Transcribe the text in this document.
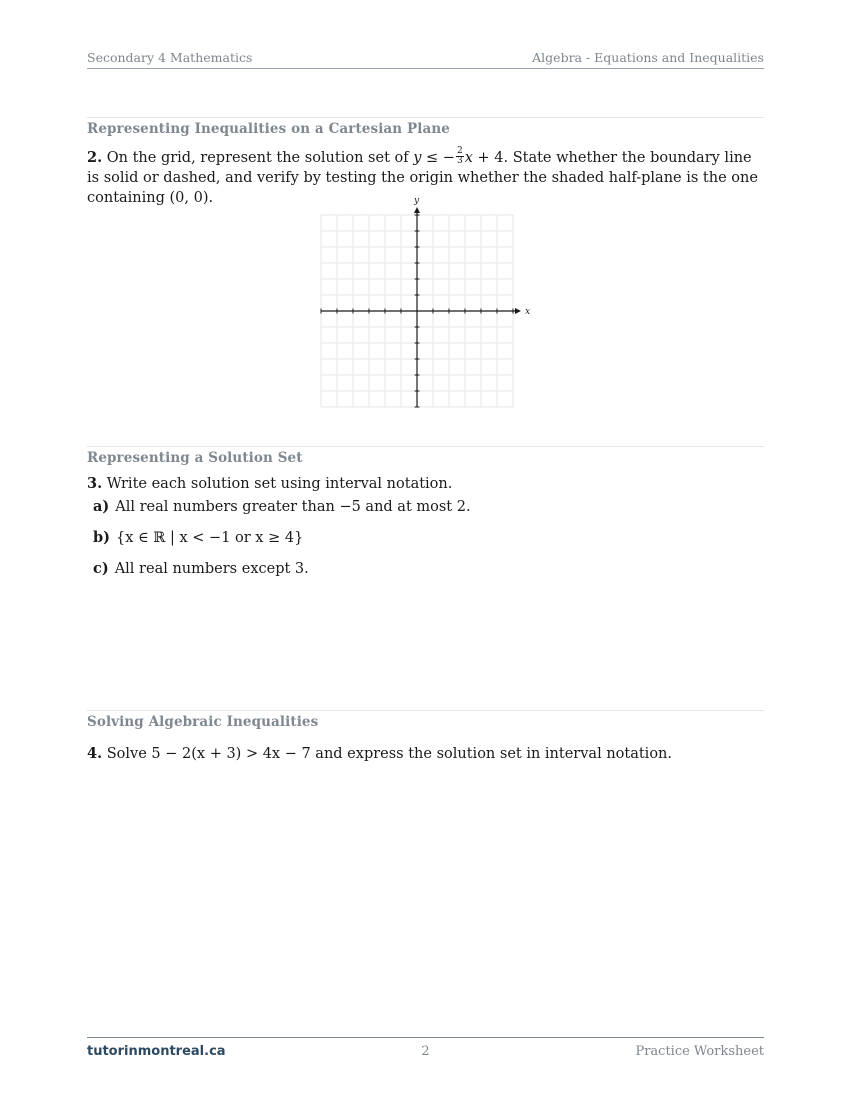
Secondary 4 Mathematics	Algebra - Equations and Inequalities
Representing Inequalities on a Cartesian Plane
2. On the grid, represent the solution set of y ≤ − $\frac{2}{3}$ x + 4. State whether the boundary line is solid or dashed, and verify by testing the origin whether the shaded half-plane is the one containing (0, 0).
x
y
Representing a Solution Set
3. Write each solution set using interval notation.
a) All real numbers greater than −5 and at most 2.
b) {x ∈ ℝ | x < −1 or x ≥ 4}
c) All real numbers except 3.
Solving Algebraic Inequalities
4. Solve 5 − 2(x + 3) > 4x − 7 and express the solution set in interval notation.
tutorinmontreal.ca	2	Practice Worksheet
